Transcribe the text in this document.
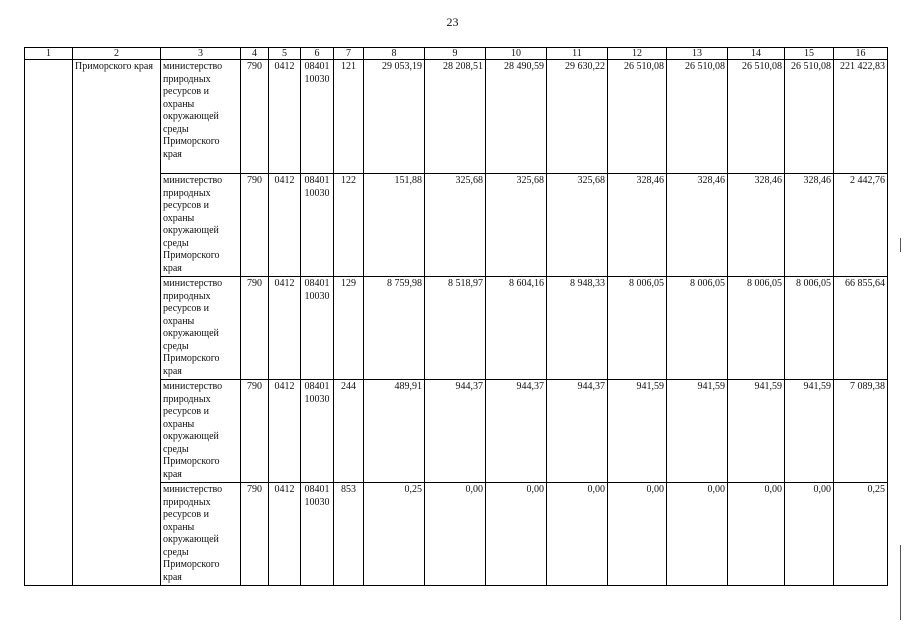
23
1	2	3	4	5	6	7	8	9	10	11	12	13	14	15	16
	Приморского края	министерство природных ресурсов и охраны окружающей среды Приморского края	790	0412	08401 10030	121	29 053,19	28 208,51	28 490,59	29 630,22	26 510,08	26 510,08	26 510,08	26 510,08	221 422,83
		министерство природных ресурсов и охраны окружающей среды Приморского края	790	0412	08401 10030	122	151,88	325,68	325,68	325,68	328,46	328,46	328,46	328,46	2 442,76
		министерство природных ресурсов и охраны окружающей среды Приморского края	790	0412	08401 10030	129	8 759,98	8 518,97	8 604,16	8 948,33	8 006,05	8 006,05	8 006,05	8 006,05	66 855,64
		министерство природных ресурсов и охраны окружающей среды Приморского края	790	0412	08401 10030	244	489,91	944,37	944,37	944,37	941,59	941,59	941,59	941,59	7 089,38
		министерство природных ресурсов и охраны окружающей среды Приморского края	790	0412	08401 10030	853	0,25	0,00	0,00	0,00	0,00	0,00	0,00	0,00	0,25
